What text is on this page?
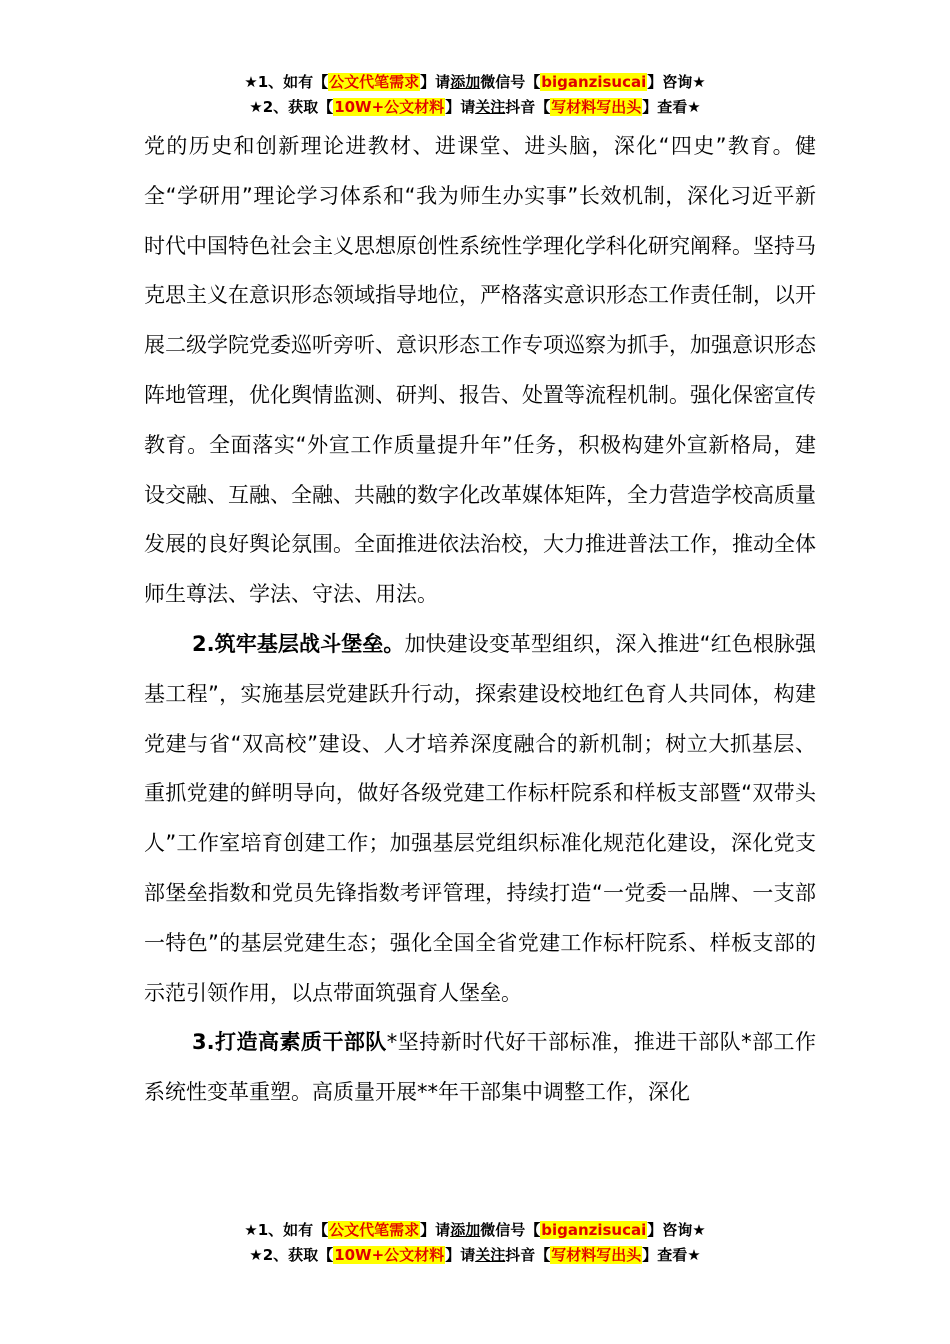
★1、如有【公文代笔需求】请添加微信号【biganzisucai】咨询★
★2、获取【10W+公文材料】请关注抖音【写材料写出头】查看★

党的历史和创新理论进教材、进课堂、进头脑，深化“四史”教育。健全“学研用”理论学习体系和“我为师生办实事”长效机制，深化习近平新时代中国特色社会主义思想原创性系统性学理化学科化研究阐释。坚持马克思主义在意识形态领域指导地位，严格落实意识形态工作责任制，以开展二级学院党委巡听旁听、意识形态工作专项巡察为抓手，加强意识形态阵地管理，优化舆情监测、研判、报告、处置等流程机制。强化保密宣传教育。全面落实“外宣工作质量提升年”任务，积极构建外宣新格局，建设交融、互融、全融、共融的数字化改革媒体矩阵，全力营造学校高质量发展的良好舆论氛围。全面推进依法治校，大力推进普法工作，推动全体师生尊法、学法、守法、用法。

2.筑牢基层战斗堡垒。加快建设变革型组织，深入推进“红色根脉强基工程”，实施基层党建跃升行动，探索建设校地红色育人共同体，构建党建与省“双高校”建设、人才培养深度融合的新机制；树立大抓基层、重抓党建的鲜明导向，做好各级党建工作标杆院系和样板支部暨“双带头人”工作室培育创建工作；加强基层党组织标准化规范化建设，深化党支部堡垒指数和党员先锋指数考评管理，持续打造“一党委一品牌、一支部一特色”的基层党建生态；强化全国全省党建工作标杆院系、样板支部的示范引领作用，以点带面筑强育人堡垒。

3.打造高素质干部队*坚持新时代好干部标准，推进干部队*部工作系统性变革重塑。高质量开展**年干部集中调整工作，深化

★1、如有【公文代笔需求】请添加微信号【biganzisucai】咨询★
★2、获取【10W+公文材料】请关注抖音【写材料写出头】查看★
